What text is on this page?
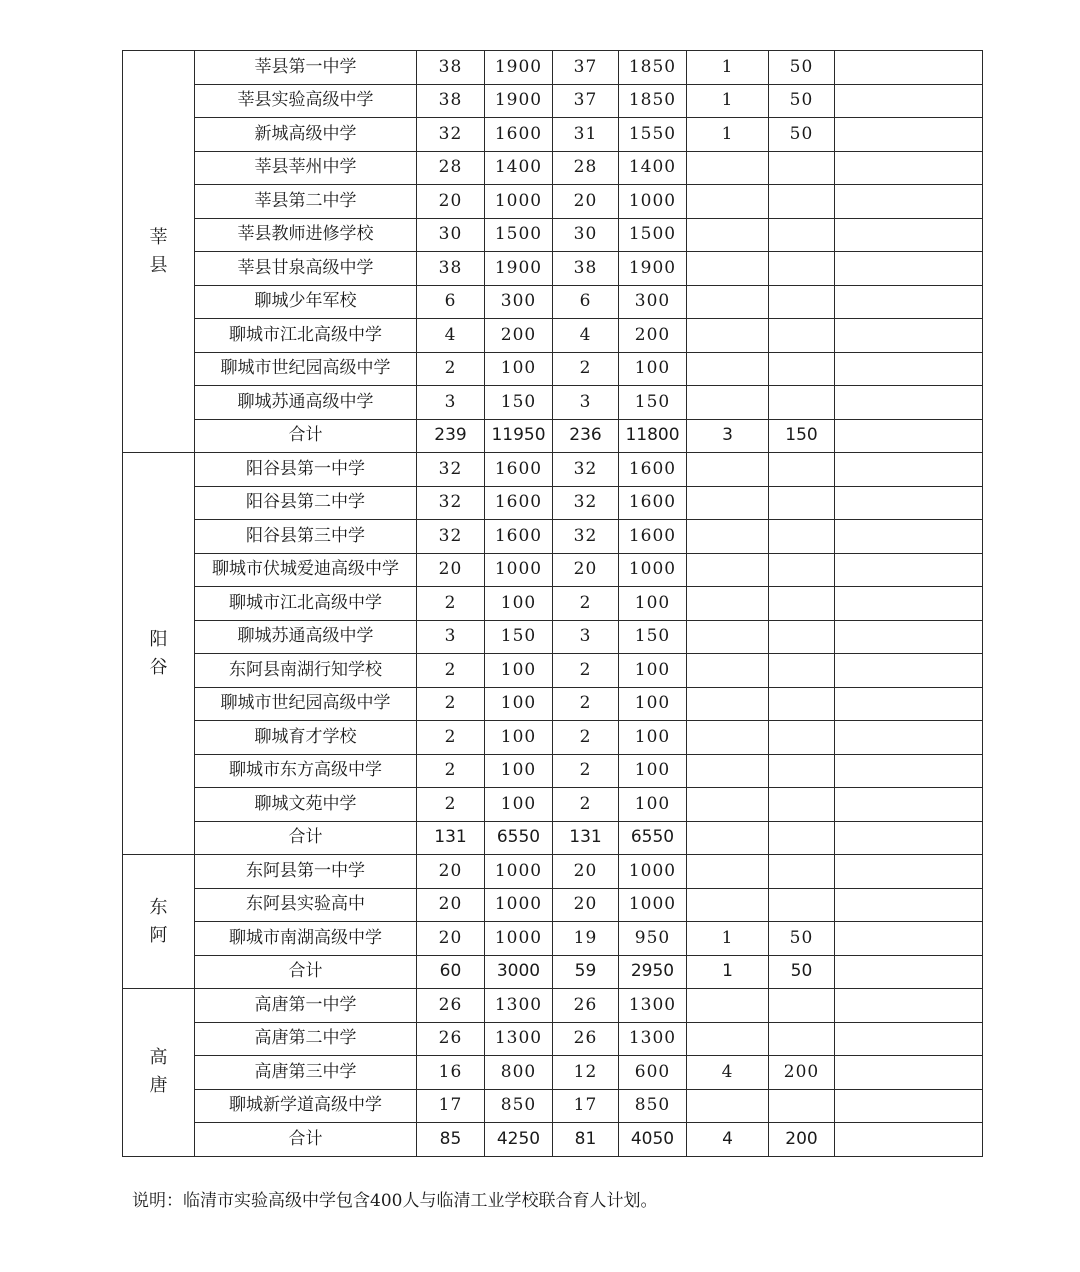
莘
县	莘县第一中学	38	1900	37	1850	1	50	
	莘县实验高级中学	38	1900	37	1850	1	50	
	新城高级中学	32	1600	31	1550	1	50	
	莘县莘州中学	28	1400	28	1400			
	莘县第二中学	20	1000	20	1000			
	莘县教师进修学校	30	1500	30	1500			
	莘县甘泉高级中学	38	1900	38	1900			
	聊城少年军校	6	300	6	300			
	聊城市江北高级中学	4	200	4	200			
	聊城市世纪园高级中学	2	100	2	100			
	聊城苏通高级中学	3	150	3	150			
	合计	239	11950	236	11800	3	150	

阳
谷	阳谷县第一中学	32	1600	32	1600			
	阳谷县第二中学	32	1600	32	1600			
	阳谷县第三中学	32	1600	32	1600			
	聊城市伏城爱迪高级中学	20	1000	20	1000			
	聊城市江北高级中学	2	100	2	100			
	聊城苏通高级中学	3	150	3	150			
	东阿县南湖行知学校	2	100	2	100			
	聊城市世纪园高级中学	2	100	2	100			
	聊城育才学校	2	100	2	100			
	聊城市东方高级中学	2	100	2	100			
	聊城文苑中学	2	100	2	100			
	合计	131	6550	131	6550			

东
阿	东阿县第一中学	20	1000	20	1000			
	东阿县实验高中	20	1000	20	1000			
	聊城市南湖高级中学	20	1000	19	950	1	50	
	合计	60	3000	59	2950	1	50	

高
唐	高唐第一中学	26	1300	26	1300			
	高唐第二中学	26	1300	26	1300			
	高唐第三中学	16	800	12	600	4	200	
	聊城新学道高级中学	17	850	17	850			
	合计	85	4250	81	4050	4	200	
说明：临清市实验高级中学包含400人与临清工业学校联合育人计划。
